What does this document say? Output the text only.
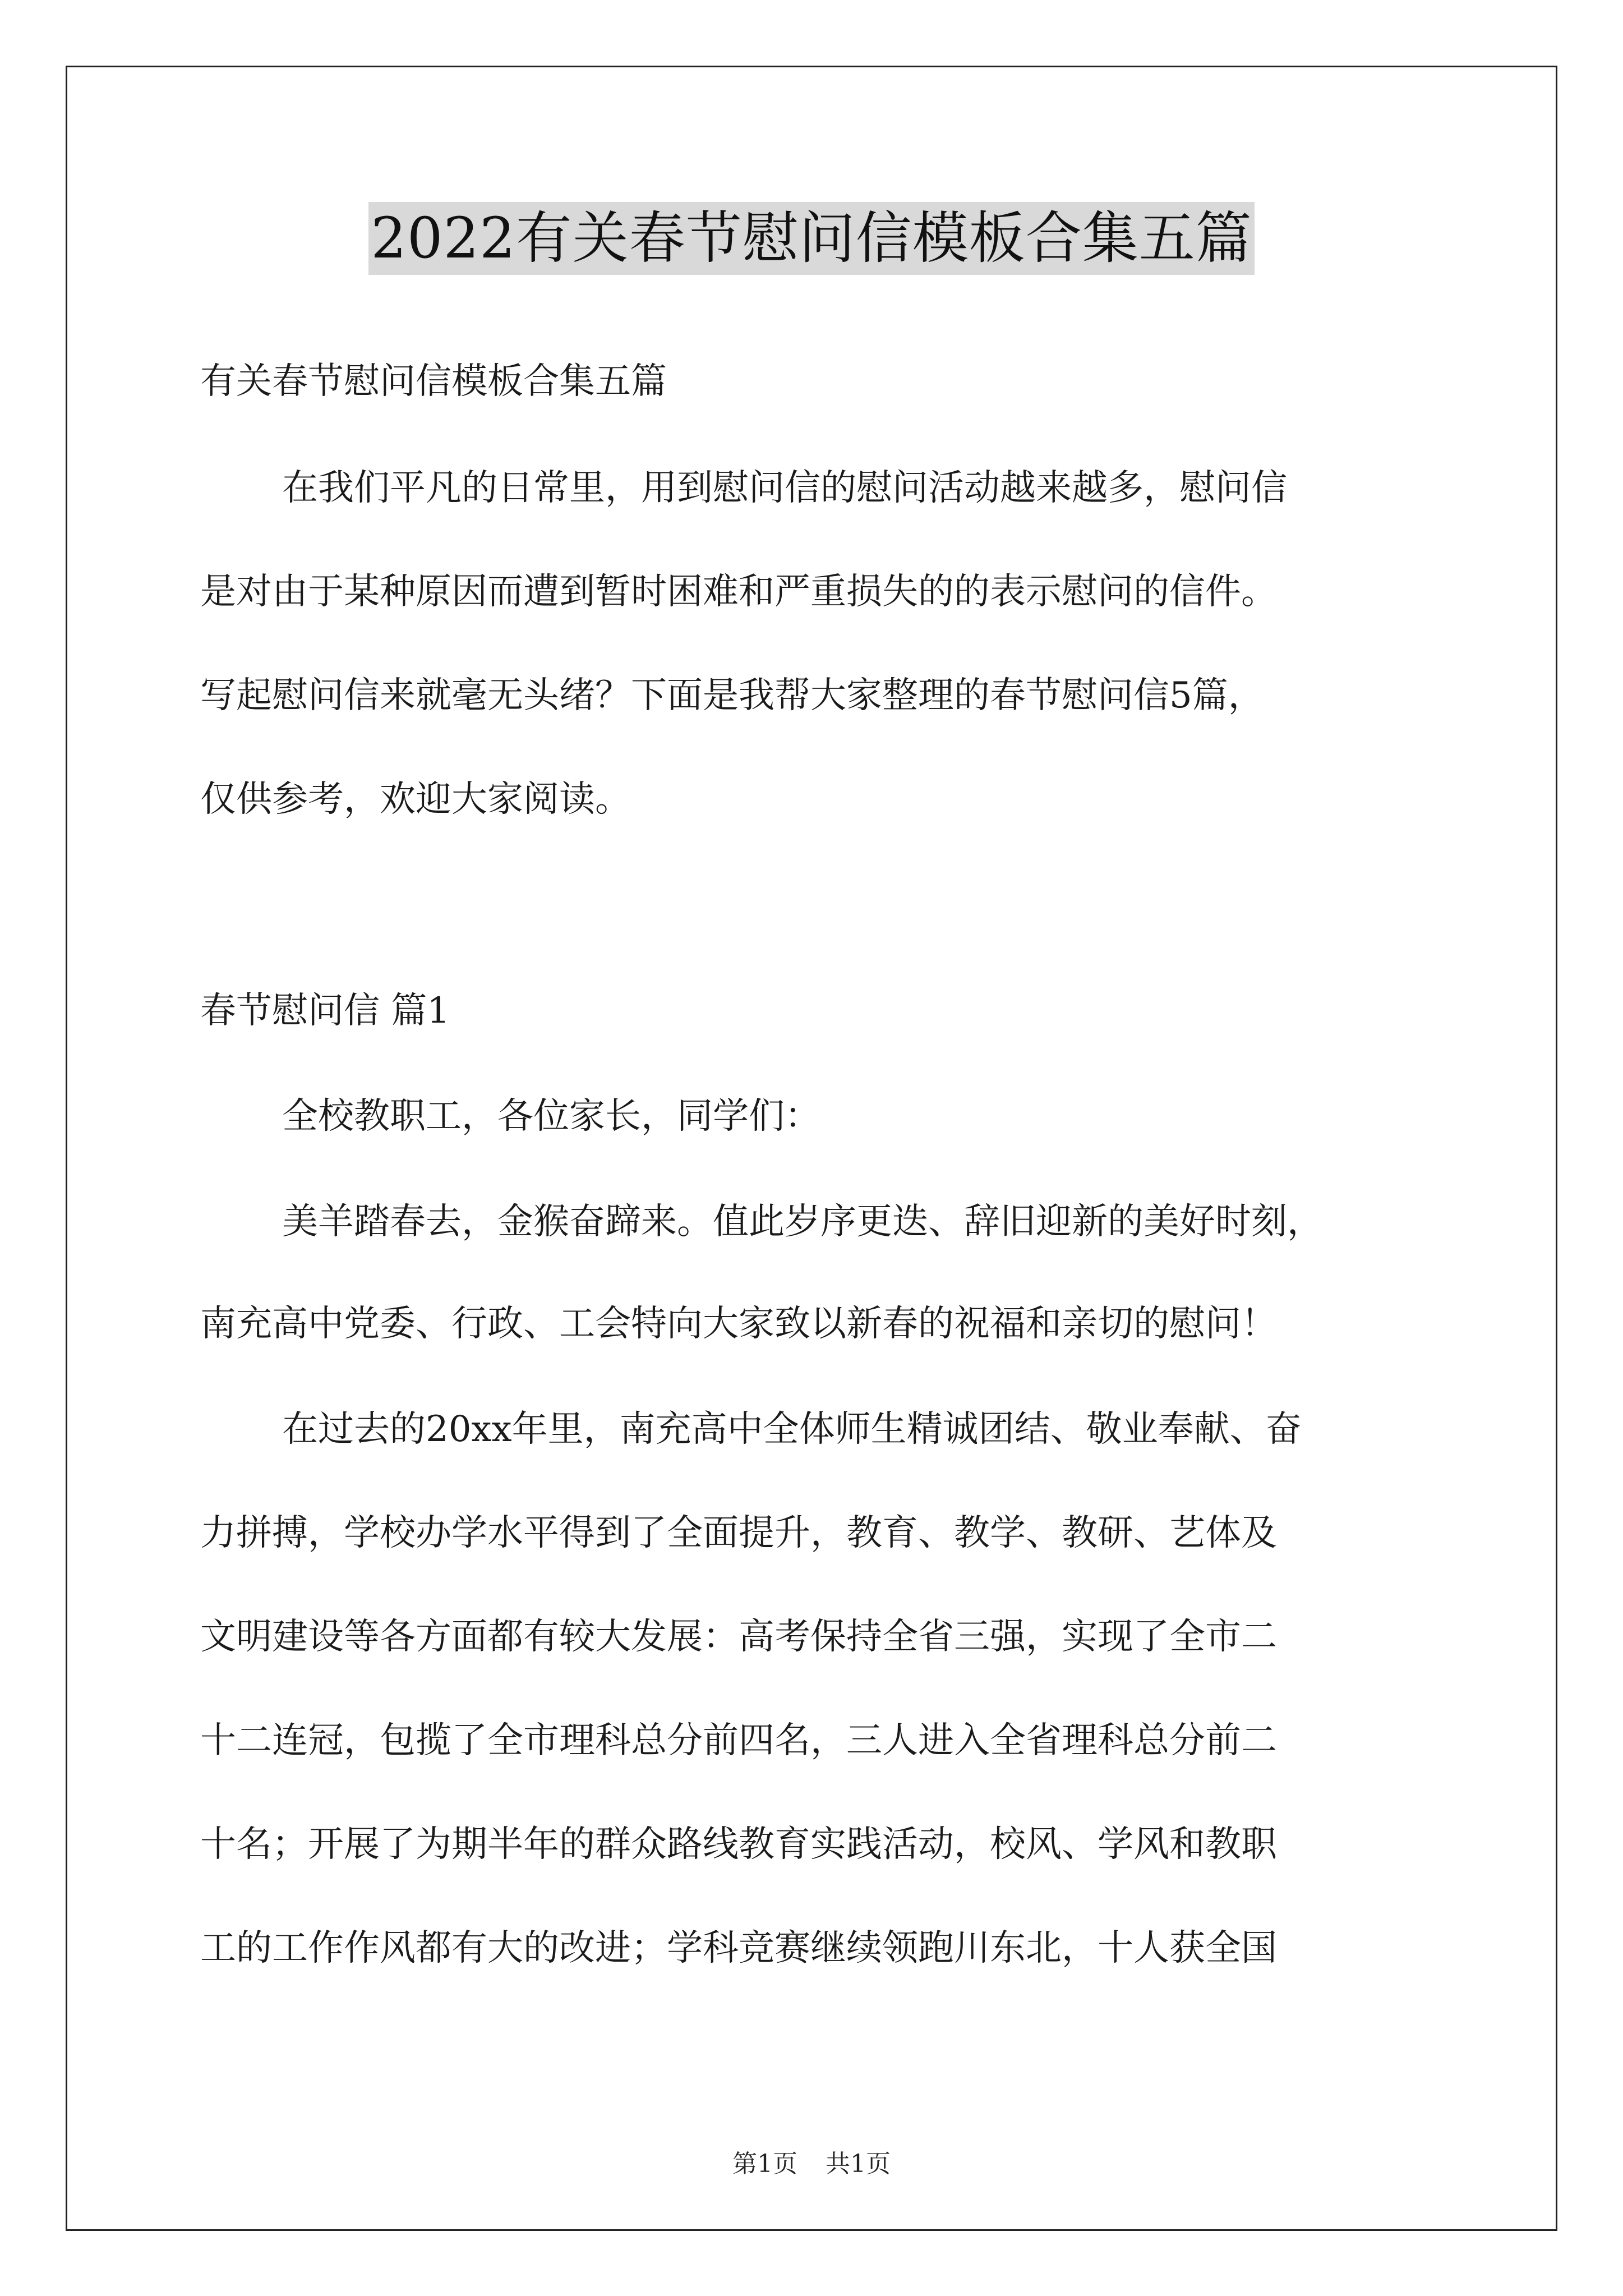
2022有关春节慰问信模板合集五篇
有关春节慰问信模板合集五篇
在我们平凡的日常里，用到慰问信的慰问活动越来越多，慰问信
是对由于某种原因而遭到暂时困难和严重损失的的表示慰问的信件。
写起慰问信来就毫无头绪？下面是我帮大家整理的春节慰问信5篇，
仅供参考，欢迎大家阅读。
春节慰问信 篇1
全校教职工，各位家长，同学们：
美羊踏春去，金猴奋蹄来。值此岁序更迭、辞旧迎新的美好时刻，
南充高中党委、行政、工会特向大家致以新春的祝福和亲切的慰问！
在过去的20xx年里，南充高中全体师生精诚团结、敬业奉献、奋
力拼搏，学校办学水平得到了全面提升，教育、教学、教研、艺体及
文明建设等各方面都有较大发展：高考保持全省三强，实现了全市二
十二连冠，包揽了全市理科总分前四名，三人进入全省理科总分前二
十名；开展了为期半年的群众路线教育实践活动，校风、学风和教职
工的工作作风都有大的改进；学科竞赛继续领跑川东北，十人获全国
第1页 共1页
